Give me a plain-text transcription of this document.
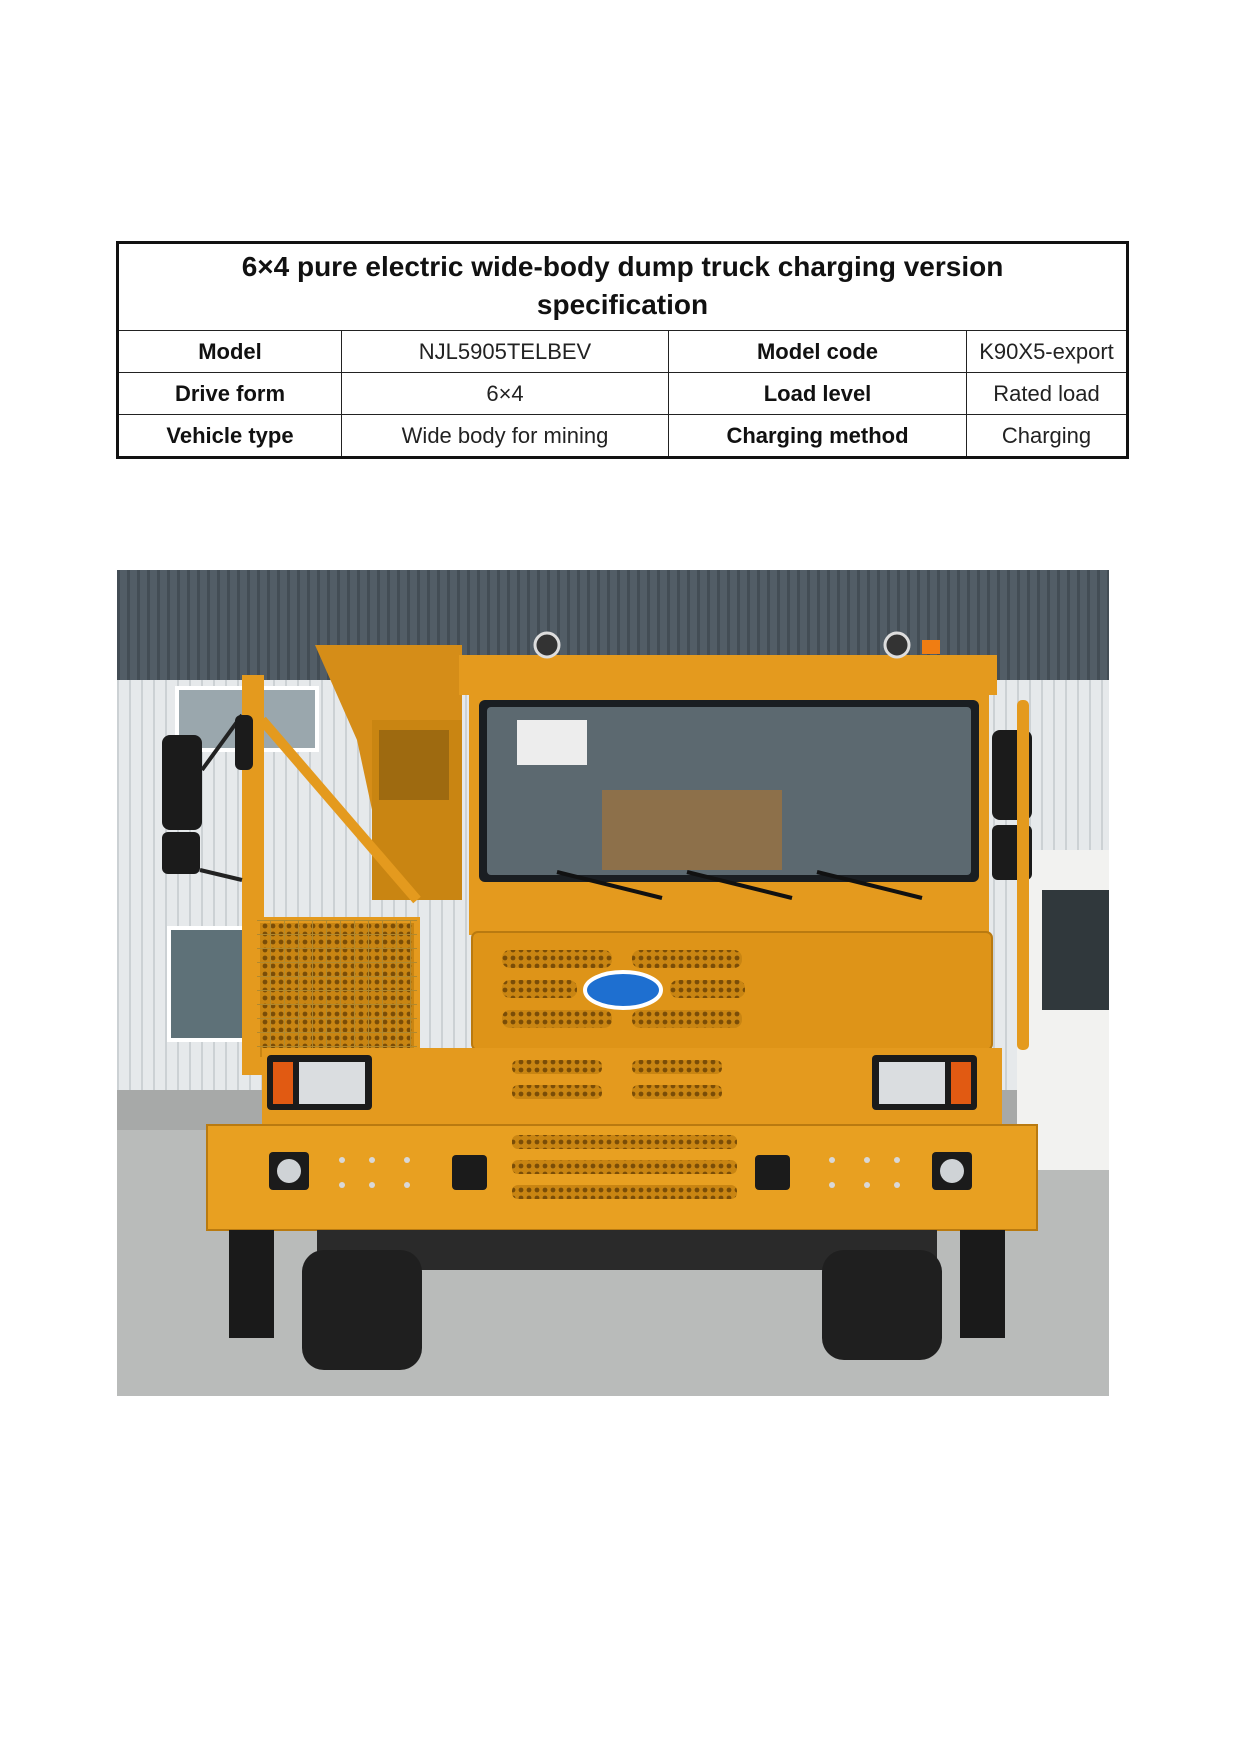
6×4 pure electric wide-body dump truck charging version
specification			

Model	NJL5905TELBEV	Model code	K90X5-export
Drive form	6×4	Load level	Rated load
Vehicle type	Wide body for mining	Charging method	Charging
